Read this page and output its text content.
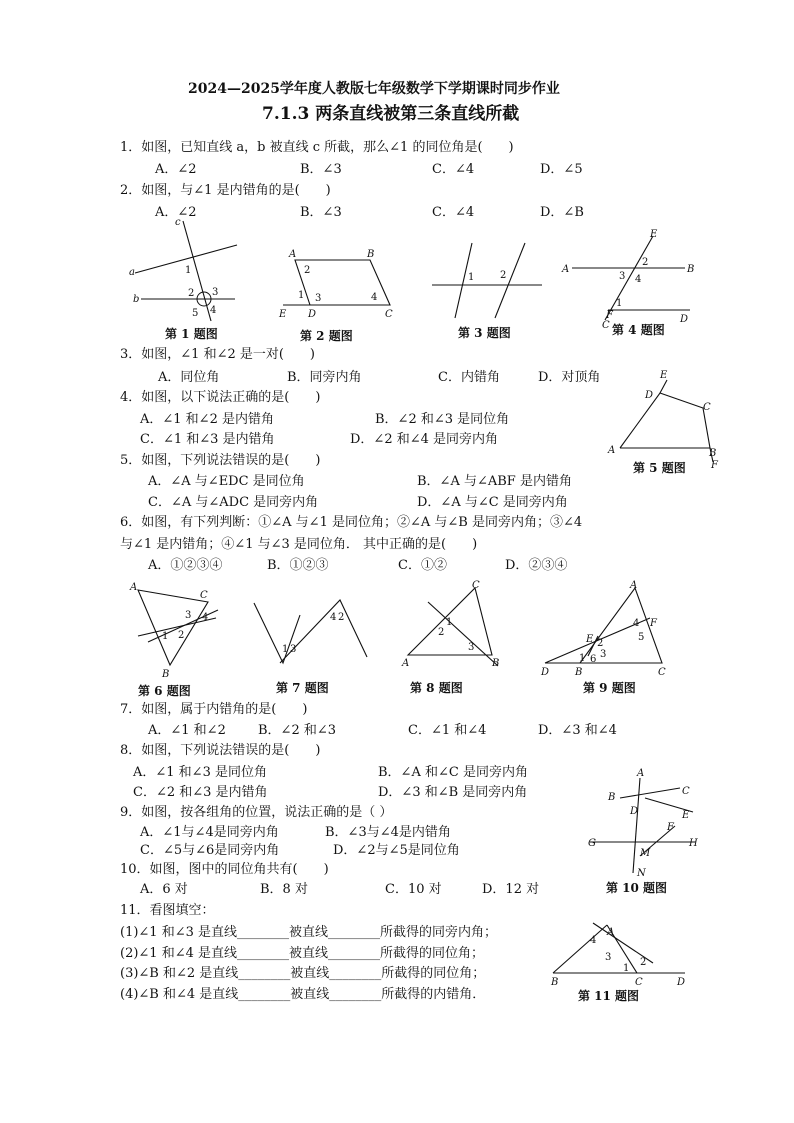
2024—2025学年度人教版七年级数学下学期课时同步作业
7.1.3 两条直线被第三条直线所截
1．如图，已知直线 a，b 被直线 c 所截，那么∠1 的同位角是(　　)
A．∠2	B．∠3	C．∠4	D．∠5
2．如图，与∠1 是内错角的是(　　)
A．∠2	B．∠3	C．∠4	D．∠B
c
a
b
1
2 3
4
5
第 1 题图
A	B
C
D
E
1
2
3	4
第 2 题图
1	2
第 3 题图
A	B
C
D
E
F
1
2
3 4
第 4 题图
3．如图，∠1 和∠2 是一对(　　)
A．同位角	B．同旁内角	C．内错角	D．对顶角
4．如图，以下说法正确的是(　　)
A．∠1 和∠2 是内错角	B．∠2 和∠3 是同位角
C．∠1 和∠3 是内错角	D．∠2 和∠4 是同旁内角
A	B
C
D
E
F
第 5 题图
5．如图，下列说法错误的是(　　)
A．∠A 与∠EDC 是同位角	B．∠A 与∠ABF 是内错角
C．∠A 与∠ADC 是同旁内角	D．∠A 与∠C 是同旁内角
6．如图，有下列判断：①∠A 与∠1 是同位角；②∠A 与∠B 是同旁内角；③∠4
与∠1 是内错角；④∠1 与∠3 是同位角． 其中正确的是(　　)
A．①②③④	B．①②③	C．①②	D．②③④
A
B
C
1 2
3 4
第 6 题图
1
2
3
4
第 7 题图
A	B
C
1
2
3
第 8 题图
A
B	C
D
E
F
1
2
3
4
5
6
第 9 题图
7．如图，属于内错角的是(　　)
A．∠1 和∠2 B．∠2 和∠3	C．∠1 和∠4	D．∠3 和∠4
8．如图，下列说法错误的是(　　)
A．∠1 和∠3 是同位角	B．∠A 和∠C 是同旁内角
C．∠2 和∠3 是内错角	D．∠3 和∠B 是同旁内角
A
B
C
D	E
F
G	H
M
N
第 10 题图
9．如图，按各组角的位置，说法正确的是（ ）
A．∠1与∠4是同旁内角	B．∠3与∠4是内错角
C．∠5与∠6是同旁内角	D．∠2与∠5是同位角
10．如图，图中的同位角共有(　　)
A．6 对	B．8 对	C．10 对	D．12 对
11．看图填空：
(1)∠1 和∠3 是直线________被直线________所截得的同旁内角；
(2)∠1 和∠4 是直线________被直线________所截得的同位角；
(3)∠B 和∠2 是直线________被直线________所截得的同位角；
(4)∠B 和∠4 是直线________被直线________所截得的内错角．
A
B	C	D
1
2
3
4
第 11 题图
